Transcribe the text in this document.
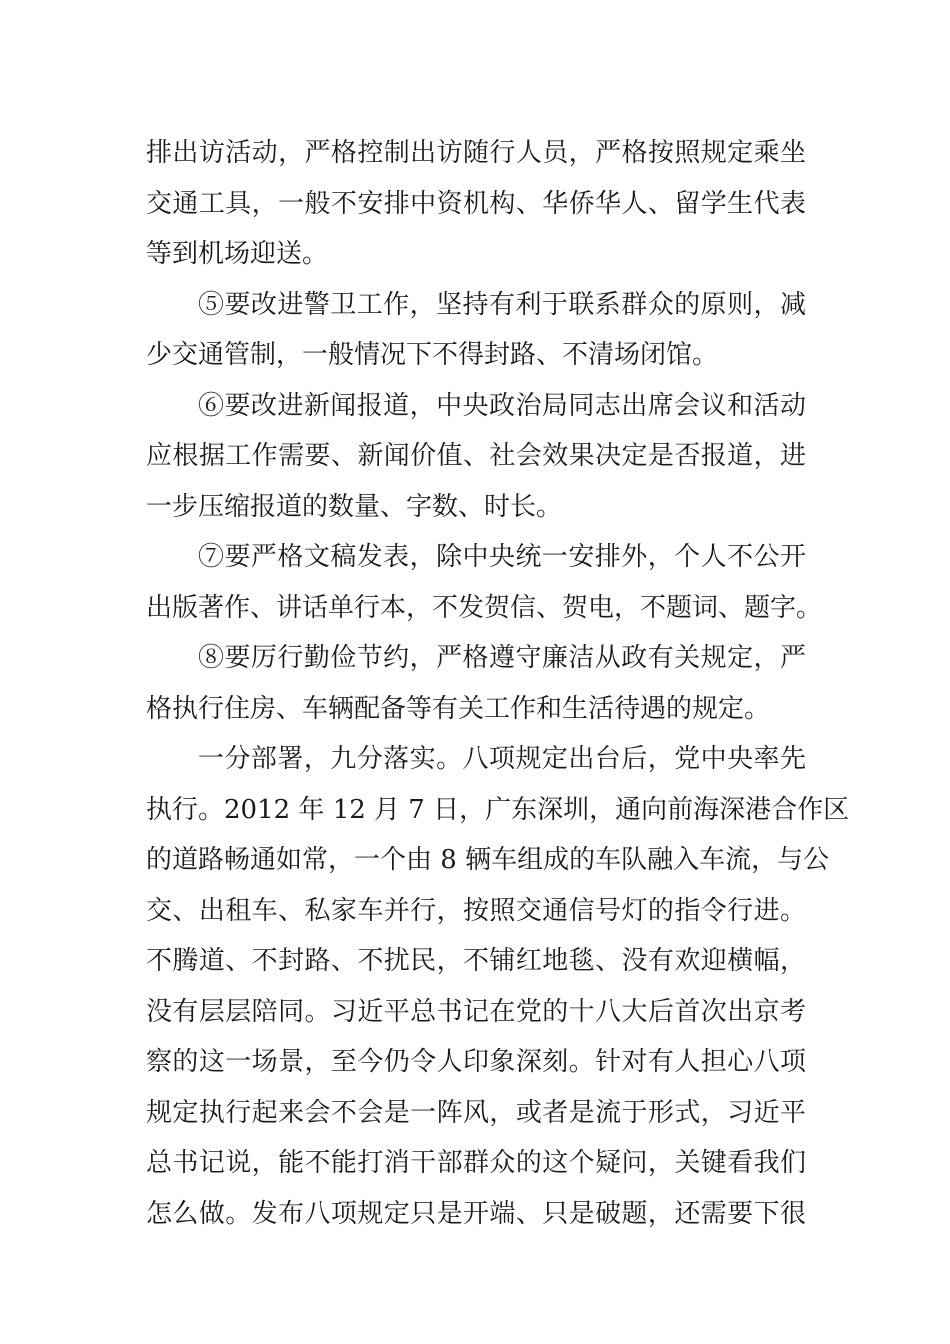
排出访活动，严格控制出访随行人员，严格按照规定乘坐
交通工具，一般不安排中资机构、华侨华人、留学生代表
等到机场迎送。
⑤要改进警卫工作，坚持有利于联系群众的原则，减
少交通管制，一般情况下不得封路、不清场闭馆。
⑥要改进新闻报道，中央政治局同志出席会议和活动
应根据工作需要、新闻价值、社会效果决定是否报道，进
一步压缩报道的数量、字数、时长。
⑦要严格文稿发表，除中央统一安排外，个人不公开
出版著作、讲话单行本，不发贺信、贺电，不题词、题字。
⑧要厉行勤俭节约，严格遵守廉洁从政有关规定，严
格执行住房、车辆配备等有关工作和生活待遇的规定。
一分部署，九分落实。八项规定出台后，党中央率先
执行。2012 年 12 月 7 日，广东深圳，通向前海深港合作区
的道路畅通如常，一个由 8 辆车组成的车队融入车流，与公
交、出租车、私家车并行，按照交通信号灯的指令行进。
不腾道、不封路、不扰民，不铺红地毯、没有欢迎横幅，
没有层层陪同。习近平总书记在党的十八大后首次出京考
察的这一场景，至今仍令人印象深刻。针对有人担心八项
规定执行起来会不会是一阵风，或者是流于形式，习近平
总书记说，能不能打消干部群众的这个疑问，关键看我们
怎么做。发布八项规定只是开端、只是破题，还需要下很
